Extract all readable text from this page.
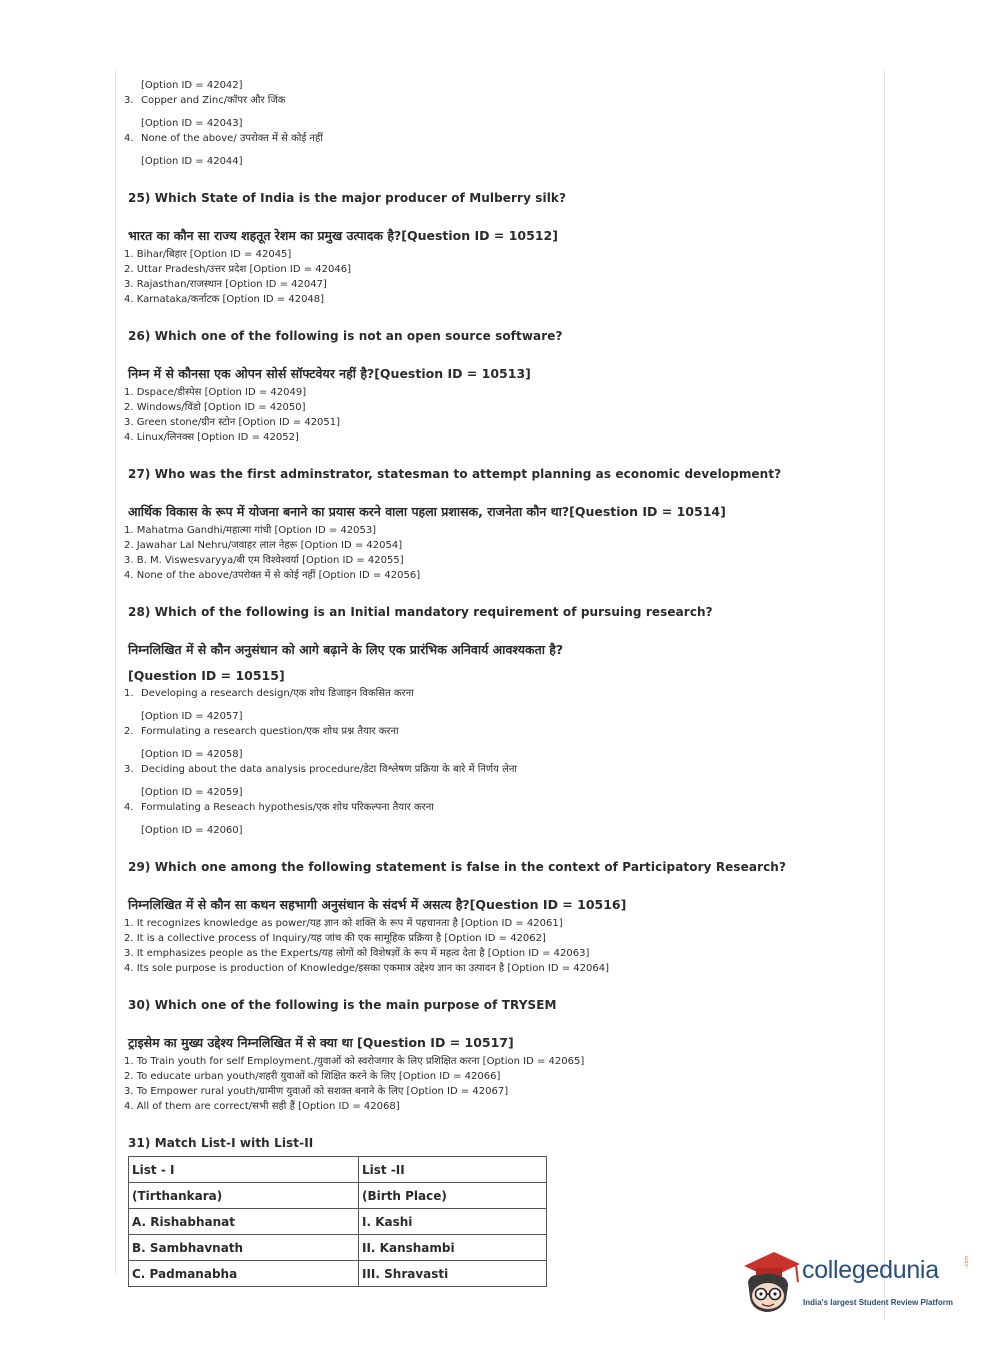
[Option ID = 42042]
3. Copper and Zinc/कॉपर और जिंक
[Option ID = 42043]
4. None of the above/ उपरोक्त में से कोई नहीं
[Option ID = 42044]
25) Which State of India is the major producer of Mulberry silk?
भारत का कौन सा राज्य शहतूत रेशम का प्रमुख उत्पादक है?[Question ID = 10512]
1. Bihar/बिहार [Option ID = 42045]
2. Uttar Pradesh/उत्तर प्रदेश [Option ID = 42046]
3. Rajasthan/राजस्थान [Option ID = 42047]
4. Karnataka/कर्नाटक [Option ID = 42048]
26) Which one of the following is not an open source software?
निम्न में से कौनसा एक ओपन सोर्स सॉफ्टवेयर नहीं है?[Question ID = 10513]
1. Dspace/डीस्पेस [Option ID = 42049]
2. Windows/विंडो [Option ID = 42050]
3. Green stone/ग्रीन स्टोन [Option ID = 42051]
4. Linux/लिनक्स [Option ID = 42052]
27) Who was the first adminstrator, statesman to attempt planning as economic development?
आर्थिक विकास के रूप में योजना बनाने का प्रयास करने वाला पहला प्रशासक, राजनेता कौन था?[Question ID = 10514]
1. Mahatma Gandhi/महात्मा गांधी [Option ID = 42053]
2. Jawahar Lal Nehru/जवाहर लाल नेहरू [Option ID = 42054]
3. B. M. Viswesvaryya/बी एम विश्वेश्वर्या [Option ID = 42055]
4. None of the above/उपरोक्त में से कोई नहीं [Option ID = 42056]
28) Which of the following is an Initial mandatory requirement of pursuing research?
निम्नलिखित में से कौन अनुसंधान को आगे बढ़ाने के लिए एक प्रारंभिक अनिवार्य आवश्यकता है?
[Question ID = 10515]
1. Developing a research design/एक शोध डिजाइन विकसित करना
[Option ID = 42057]
2. Formulating a research question/एक शोध प्रश्न तैयार करना
[Option ID = 42058]
3. Deciding about the data analysis procedure/डेटा विश्लेषण प्रक्रिया के बारे में निर्णय लेना
[Option ID = 42059]
4. Formulating a Reseach hypothesis/एक शोध परिकल्पना तैयार करना
[Option ID = 42060]
29) Which one among the following statement is false in the context of Participatory Research?
निम्नलिखित में से कौन सा कथन सहभागी अनुसंधान के संदर्भ में असत्य है?[Question ID = 10516]
1. It recognizes knowledge as power/यह ज्ञान को शक्ति के रूप में पहचानता है [Option ID = 42061]
2. It is a collective process of Inquiry/यह जांच की एक सामूहिक प्रक्रिया है [Option ID = 42062]
3. It emphasizes people as the Experts/यह लोगों को विशेषज्ञों के रूप में महत्व देता है [Option ID = 42063]
4. Its sole purpose is production of Knowledge/इसका एकमात्र उद्देश्य ज्ञान का उत्पादन है [Option ID = 42064]
30) Which one of the following is the main purpose of TRYSEM
ट्राइसेम का मुख्य उद्देश्य निम्नलिखित में से क्या था [Question ID = 10517]
1. To Train youth for self Employment./युवाओं को स्वरोजगार के लिए प्रशिक्षित करना [Option ID = 42065]
2. To educate urban youth/शहरी युवाओं को शिक्षित करने के लिए [Option ID = 42066]
3. To Empower rural youth/ग्रामीण युवाओं को सशक्त बनाने के लिए [Option ID = 42067]
4. All of them are correct/सभी सही हैं [Option ID = 42068]
31) Match List-I with List-II
List - I	List -II
(Tirthankara)	(Birth Place)
A. Rishabhanat	I. Kashi
B. Sambhavnath	II. Kanshambi
C. Padmanabha	III. Shravasti	collegedunia	.com
India's largest Student Review Platform
